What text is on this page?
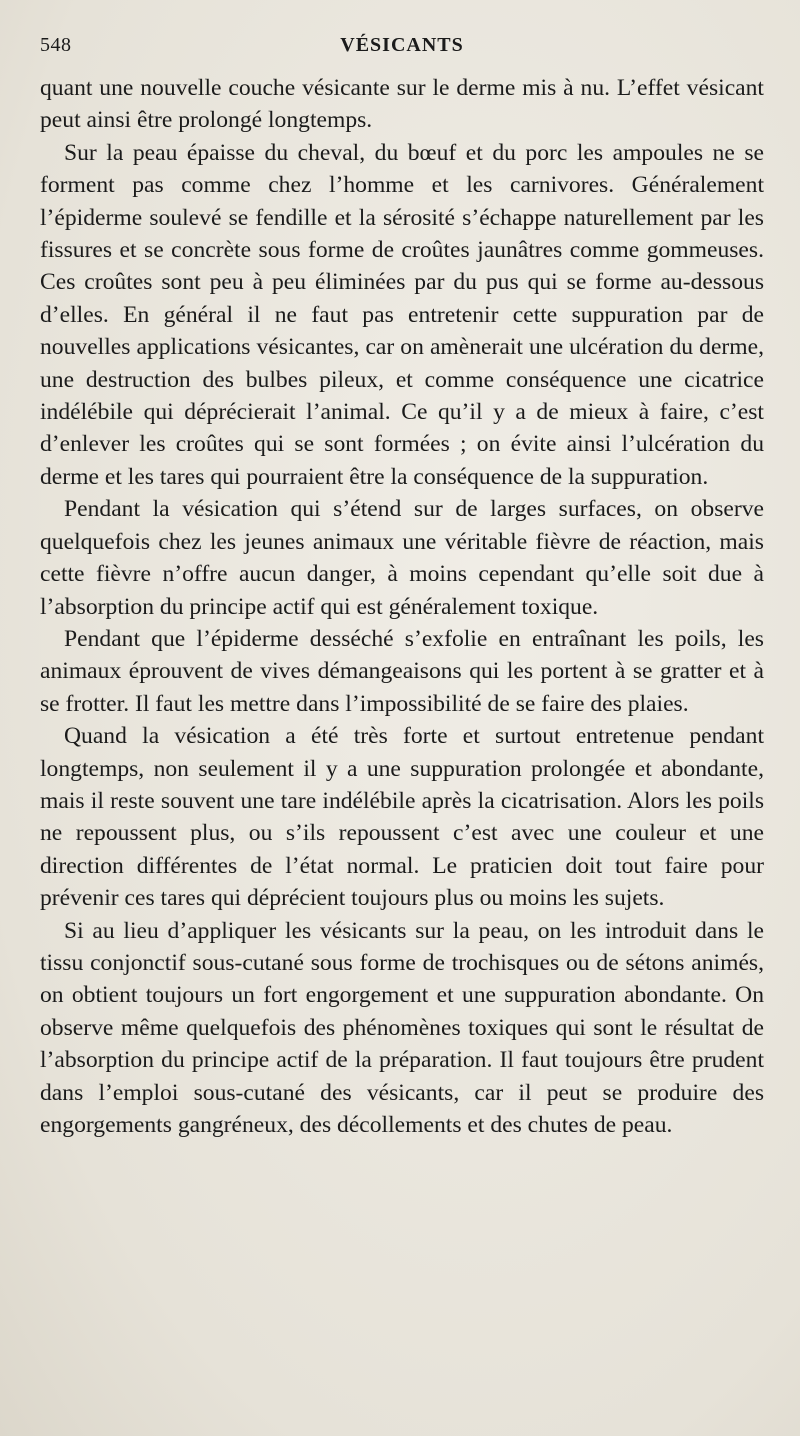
548	VÉSICANTS

quant une nouvelle couche vésicante sur le derme mis à nu. L’effet vésicant peut ainsi être prolongé longtemps.

Sur la peau épaisse du cheval, du bœuf et du porc les ampoules ne se forment pas comme chez l’homme et les carnivores. Généralement l’épiderme soulevé se fendille et la sérosité s’échappe naturellement par les fissures et se concrète sous forme de croûtes jaunâtres comme gommeuses. Ces croûtes sont peu à peu éliminées par du pus qui se forme au-dessous d’elles. En général il ne faut pas entretenir cette suppuration par de nouvelles applications vésicantes, car on amènerait une ulcération du derme, une destruction des bulbes pileux, et comme conséquence une cicatrice indélébile qui déprécierait l’animal. Ce qu’il y a de mieux à faire, c’est d’enlever les croûtes qui se sont formées ; on évite ainsi l’ulcération du derme et les tares qui pourraient être la conséquence de la suppuration.

Pendant la vésication qui s’étend sur de larges surfaces, on observe quelquefois chez les jeunes animaux une véritable fièvre de réaction, mais cette fièvre n’offre aucun danger, à moins cependant qu’elle soit due à l’absorption du principe actif qui est généralement toxique.

Pendant que l’épiderme desséché s’exfolie en entraînant les poils, les animaux éprouvent de vives démangeaisons qui les portent à se gratter et à se frotter. Il faut les mettre dans l’impossibilité de se faire des plaies.

Quand la vésication a été très forte et surtout entretenue pendant longtemps, non seulement il y a une suppuration prolongée et abondante, mais il reste souvent une tare indélébile après la cicatrisation. Alors les poils ne repoussent plus, ou s’ils repoussent c’est avec une couleur et une direction différentes de l’état normal. Le praticien doit tout faire pour prévenir ces tares qui déprécient toujours plus ou moins les sujets.

Si au lieu d’appliquer les vésicants sur la peau, on les introduit dans le tissu conjonctif sous-cutané sous forme de trochisques ou de sétons animés, on obtient toujours un fort engorgement et une suppuration abondante. On observe même quelquefois des phénomènes toxiques qui sont le résultat de l’absorption du principe actif de la préparation. Il faut toujours être prudent dans l’emploi sous-cutané des vésicants, car il peut se produire des engorgements gangréneux, des décollements et des chutes de peau.
